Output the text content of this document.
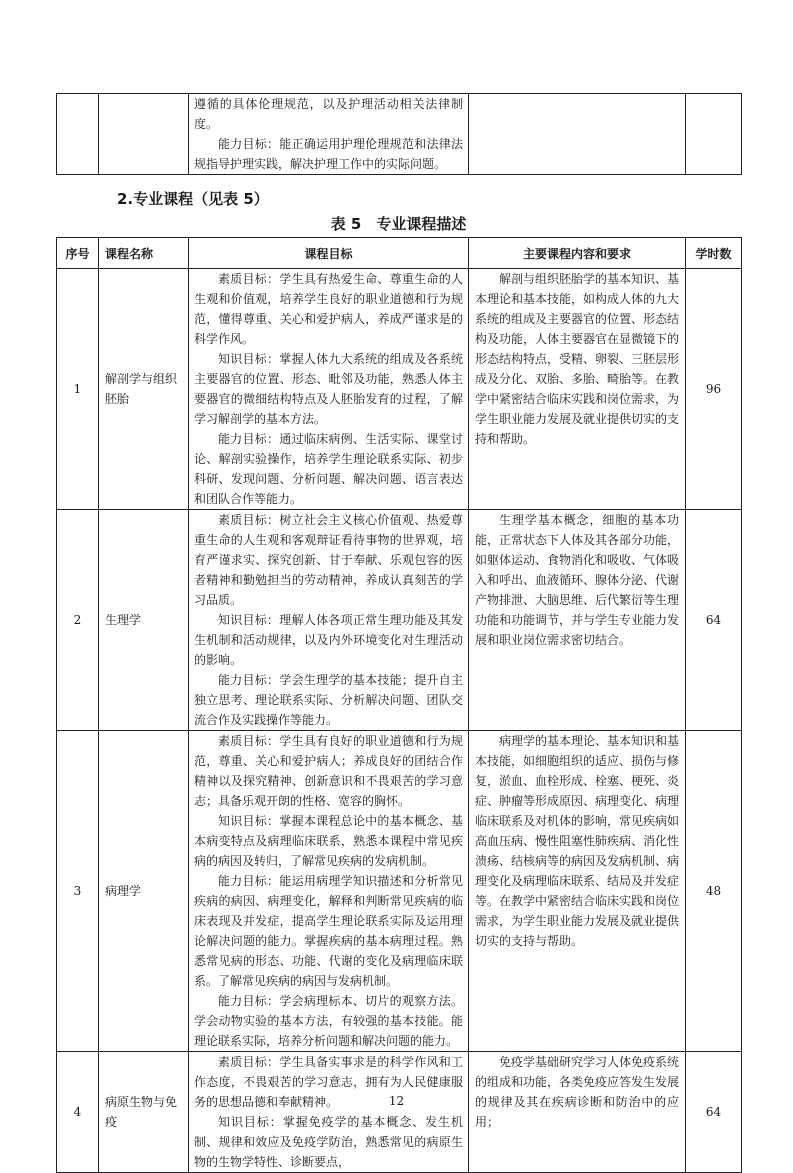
遵循的具体伦理规范，以及护理活动相关法律制度。

能力目标：能正确运用护理伦理规范和法律法规指导护理实践，解决护理工作中的实际问题。

2.专业课程（见表 5）
表 5　专业课程描述
序号	课程名称	课程目标	主要课程内容和要求	学时数
1	解剖学与组织胚胎	素质目标：学生具有热爱生命、尊重生命的人生观和价值观，培养学生良好的职业道德和行为规范，懂得尊重、关心和爱护病人，养成严谨求是的科学作风。

知识目标：掌握人体九大系统的组成及各系统主要器官的位置、形态、毗邻及功能，熟悉人体主要器官的微细结构特点及人胚胎发育的过程，了解学习解剖学的基本方法。

能力目标：通过临床病例、生活实际、课堂讨论、解剖实验操作，培养学生理论联系实际、初步科研、发现问题、分析问题、解决问题、语言表达和团队合作等能力。	解剖与组织胚胎学的基本知识、基本理论和基本技能，如构成人体的九大系统的组成及主要器官的位置、形态结构及功能，人体主要器官在显微镜下的形态结构特点，受精、卵裂、三胚层形成及分化、双胎、多胎、畸胎等。在教学中紧密结合临床实践和岗位需求，为学生职业能力发展及就业提供切实的支持和帮助。	96
2	生理学	素质目标：树立社会主义核心价值观、热爱尊重生命的人生观和客观辩证看待事物的世界观，培育严谨求实、探究创新、甘于奉献、乐观包容的医者精神和勤勉担当的劳动精神，养成认真刻苦的学习品质。

知识目标：理解人体各项正常生理功能及其发生机制和活动规律，以及内外环境变化对生理活动的影响。

能力目标：学会生理学的基本技能；提升自主独立思考、理论联系实际、分析解决问题、团队交流合作及实践操作等能力。	生理学基本概念，细胞的基本功能，正常状态下人体及其各部分功能，如躯体运动、食物消化和吸收、气体吸入和呼出、血液循环、腺体分泌、代谢产物排泄、大脑思维、后代繁衍等生理功能和功能调节，并与学生专业能力发展和职业岗位需求密切结合。	64
3	病理学	素质目标：学生具有良好的职业道德和行为规范，尊重、关心和爱护病人；养成良好的团结合作精神以及探究精神、创新意识和不畏艰苦的学习意志；具备乐观开朗的性格、宽容的胸怀。

知识目标：掌握本课程总论中的基本概念、基本病变特点及病理临床联系，熟悉本课程中常见疾病的病因及转归，了解常见疾病的发病机制。

能力目标：能运用病理学知识描述和分析常见疾病的病因、病理变化，解释和判断常见疾病的临床表现及并发症，提高学生理论联系实际及运用理论解决问题的能力。掌握疾病的基本病理过程。熟悉常见病的形态、功能、代谢的变化及病理临床联系。了解常见疾病的病因与发病机制。

能力目标：学会病理标本、切片的观察方法。学会动物实验的基本方法，有较强的基本技能。能理论联系实际，培养分析问题和解决问题的能力。	病理学的基本理论、基本知识和基本技能，如细胞组织的适应、损伤与修复，淤血、血栓形成、栓塞、梗死、炎症、肿瘤等形成原因、病理变化、病理临床联系及对机体的影响，常见疾病如高血压病、慢性阻塞性肺疾病、消化性溃疡、结核病等的病因及发病机制、病理变化及病理临床联系、结局及并发症等。在教学中紧密结合临床实践和岗位需求，为学生职业能力发展及就业提供切实的支持与帮助。	48
4	病原生物与免疫	素质目标：学生具备实事求是的科学作风和工作态度，不畏艰苦的学习意志，拥有为人民健康服务的思想品德和奉献精神。

知识目标：掌握免疫学的基本概念、发生机制、规律和效应及免疫学防治，熟悉常见的病原生物的生物学特性、诊断要点，	免疫学基础研究学习人体免疫系统的组成和功能，各类免疫应答发生发展的规律及其在疾病诊断和防治中的应用；	64
12
